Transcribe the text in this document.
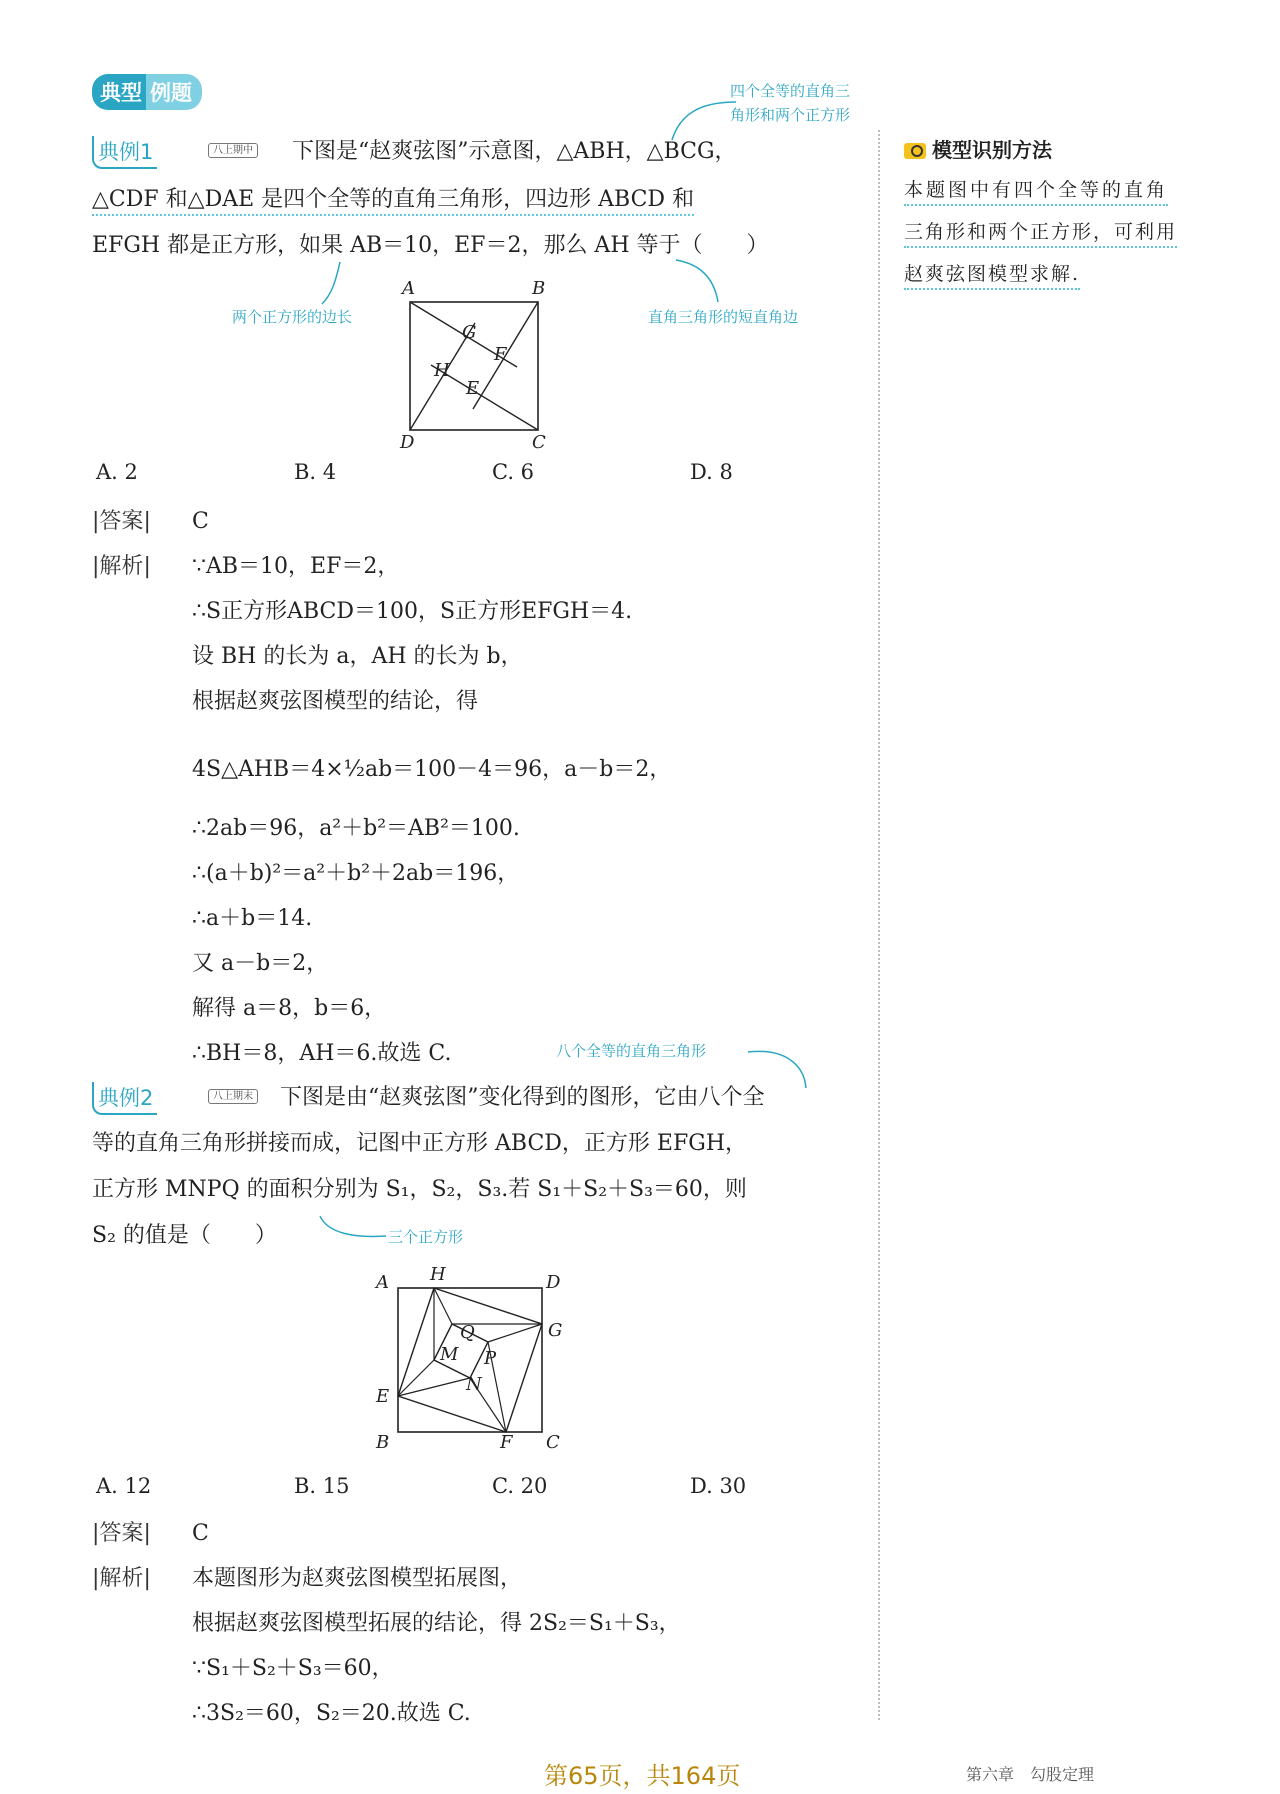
典型 例题
模型识别方法
本题图中有四个全等的直角
三角形和两个正方形，可利用
赵爽弦图模型求解.
典例1	八上期中
四个全等的直角三
角形和两个正方形
下图是“赵爽弦图”示意图，△ABH，△BCG，
△CDF 和△DAE 是四个全等的直角三角形，四边形 ABCD 和
EFGH 都是正方形，如果 AB＝10，EF＝2，那么 AH 等于（　　）
两个正方形的边长	直角三角形的短直角边
A	B
C
D
G
F
H
E
A. 2	B. 4	C. 6	D. 8
|答案| C
|解析| ∵AB＝10，EF＝2，
∴S正方形ABCD＝100，S正方形EFGH＝4.
设 BH 的长为 a，AH 的长为 b，
根据赵爽弦图模型的结论，得
4S△AHB＝4×½ab＝100－4＝96，a－b＝2，
∴2ab＝96，a²＋b²＝AB²＝100.
∴(a＋b)²＝a²＋b²＋2ab＝196，
∴a＋b＝14.
又 a－b＝2，
解得 a＝8，b＝6，
∴BH＝8，AH＝6.故选 C.	八个全等的直角三角形
典例2	八上期末 下图是由“赵爽弦图”变化得到的图形，它由八个全
等的直角三角形拼接而成，记图中正方形 ABCD，正方形 EFGH，
正方形 MNPQ 的面积分别为 S₁，S₂，S₃.若 S₁＋S₂＋S₃＝60，则
S₂ 的值是（　　）	三个正方形
A H	D
G
E
B	F C
Q
M P
N
A. 12	B. 15	C. 20	D. 30
|答案| C
|解析| 本题图形为赵爽弦图模型拓展图，
根据赵爽弦图模型拓展的结论，得 2S₂＝S₁＋S₃，
∵S₁＋S₂＋S₃＝60，
∴3S₂＝60，S₂＝20.故选 C.
第65页，共164页	第六章　勾股定理
